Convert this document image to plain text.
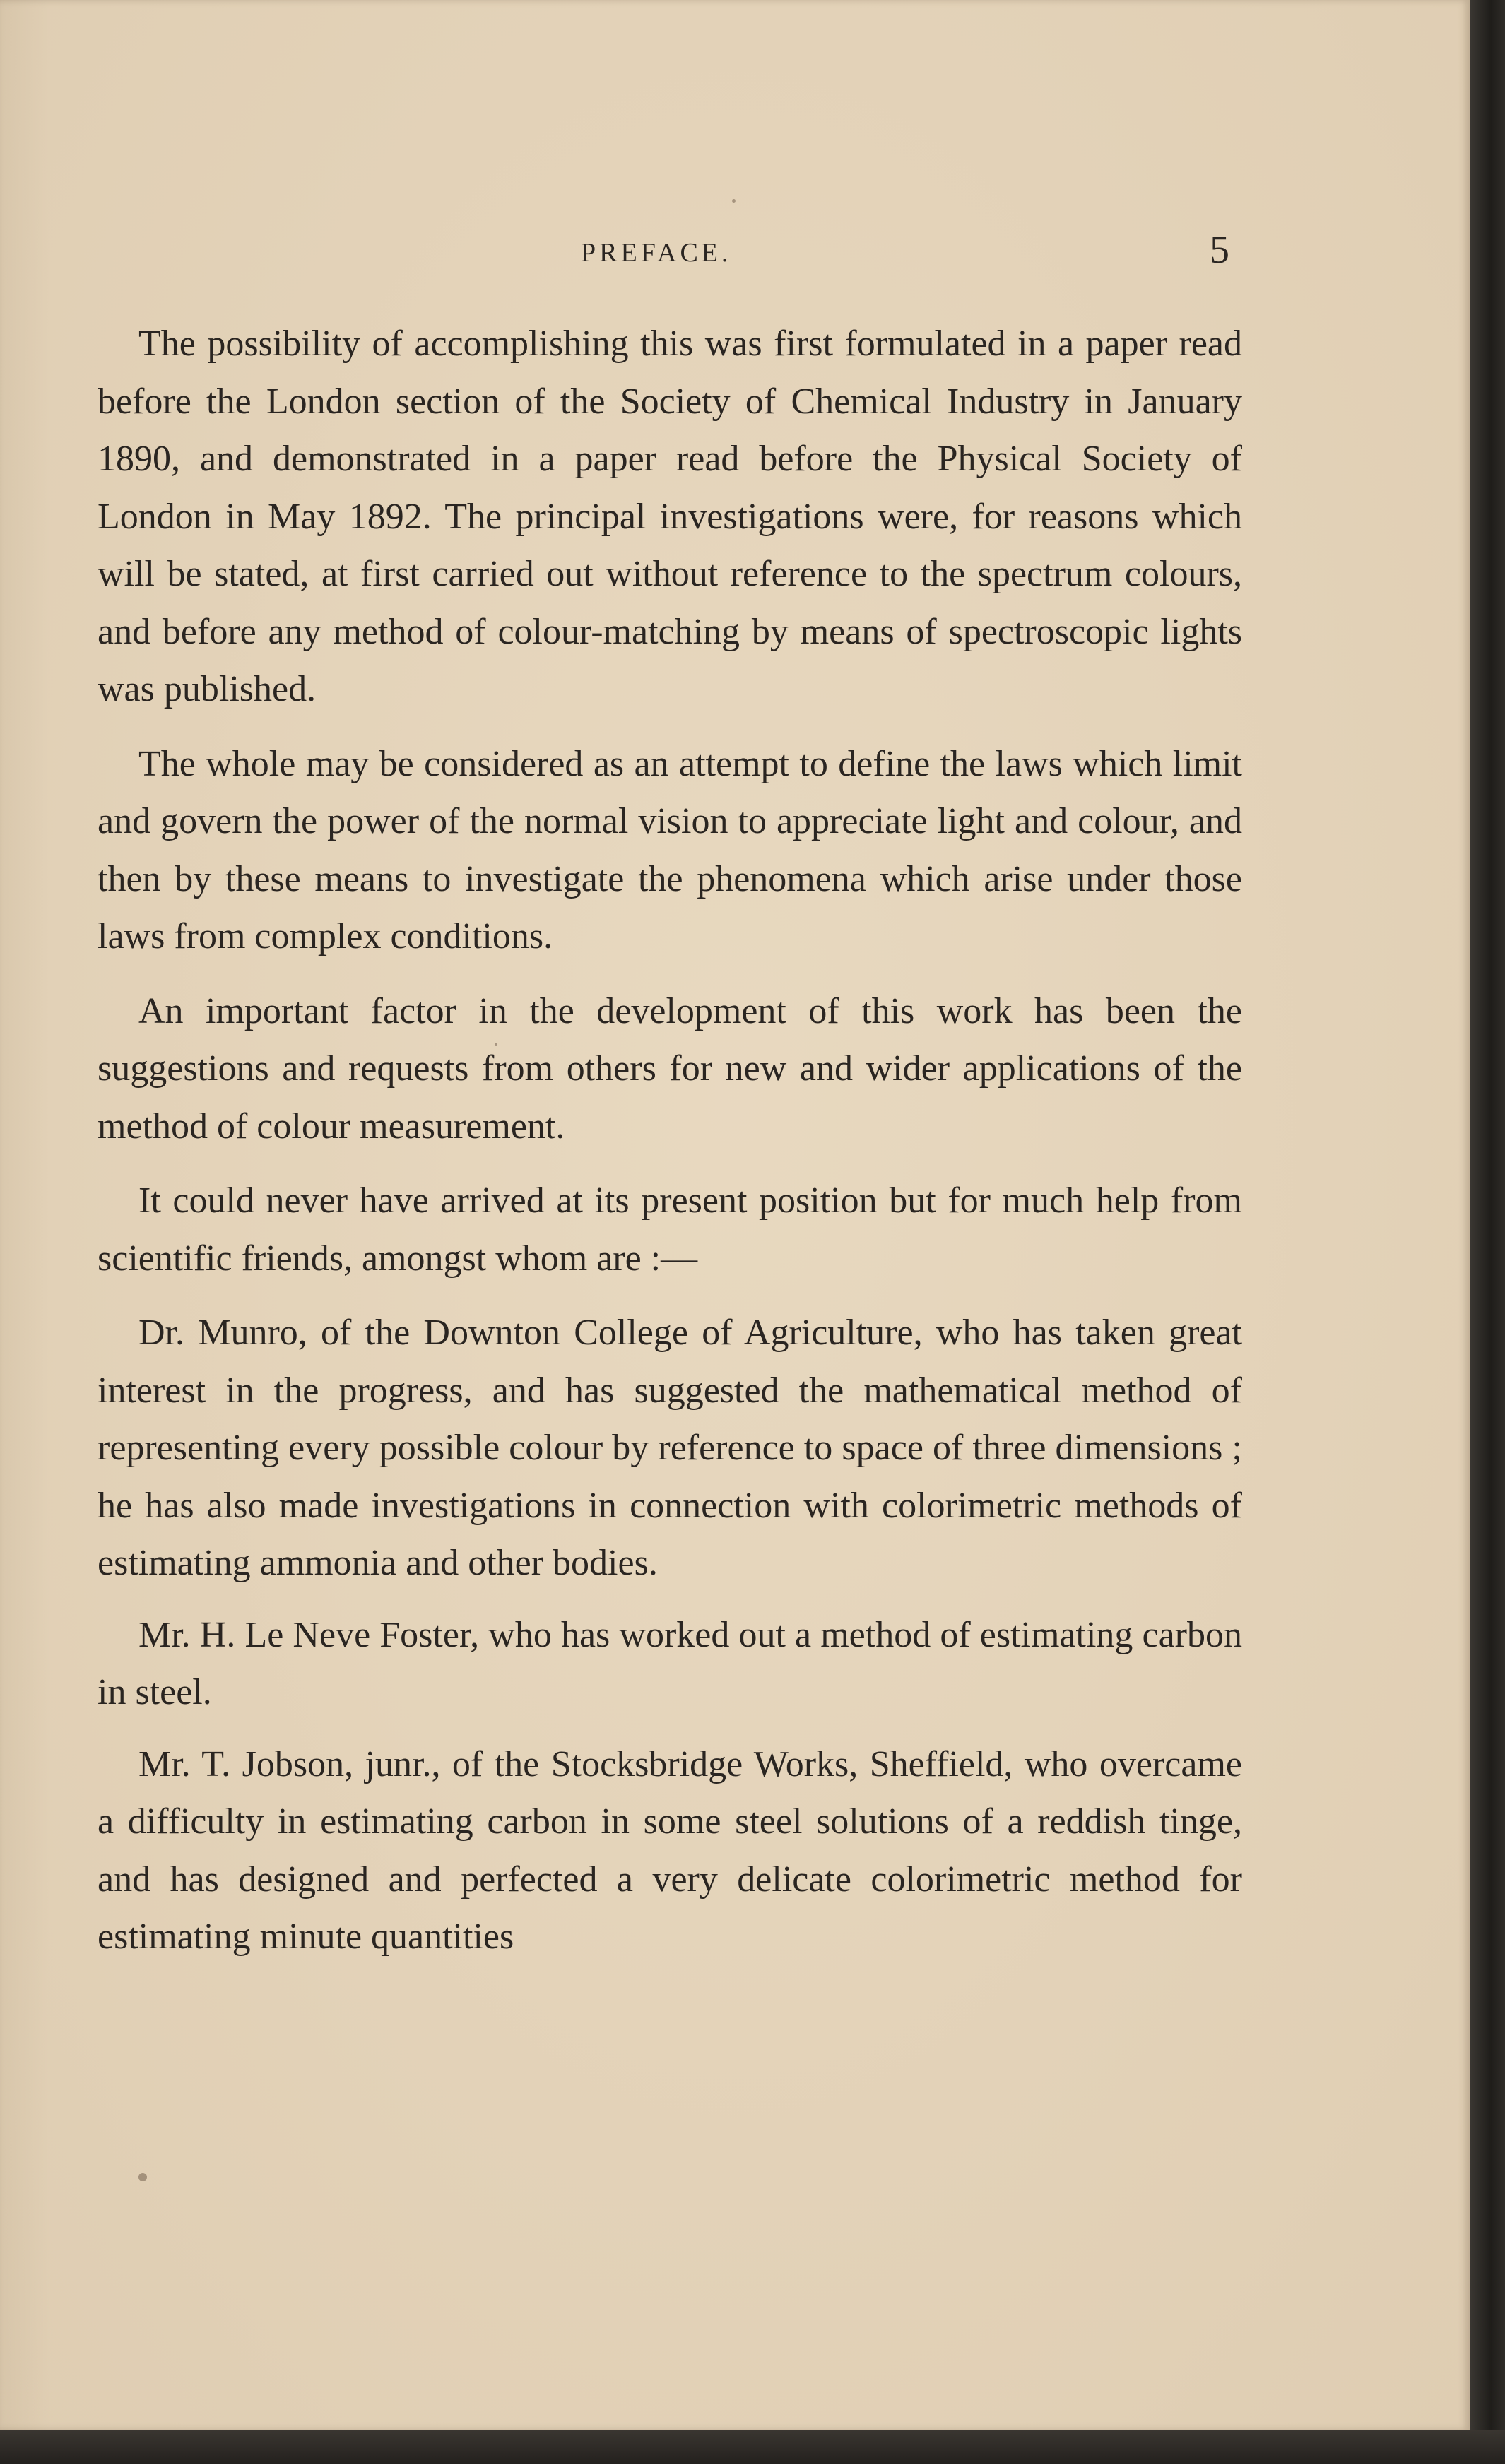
PREFACE.	5

The possibility of accomplishing this was first formulated in a paper read before the London section of the Society of Chemical Industry in January 1890, and demonstrated in a paper read before the Physical Society of London in May 1892. The principal investigations were, for reasons which will be stated, at first carried out without reference to the spectrum colours, and before any method of colour-matching by means of spectroscopic lights was published.

The whole may be considered as an attempt to define the laws which limit and govern the power of the normal vision to appreciate light and colour, and then by these means to investigate the phenomena which arise under those laws from complex conditions.

An important factor in the development of this work has been the suggestions and requests from others for new and wider applications of the method of colour measurement.

It could never have arrived at its present position but for much help from scientific friends, amongst whom are :—

Dr. Munro, of the Downton College of Agriculture, who has taken great interest in the progress, and has suggested the mathematical method of representing every possible colour by reference to space of three dimensions ; he has also made investigations in connection with colorimetric methods of estimating ammonia and other bodies.

Mr. H. Le Neve Foster, who has worked out a method of estimating carbon in steel.

Mr. T. Jobson, junr., of the Stocksbridge Works, Sheffield, who overcame a difficulty in estimating carbon in some steel solutions of a reddish tinge, and has designed and perfected a very delicate colorimetric method for estimating minute quantities
